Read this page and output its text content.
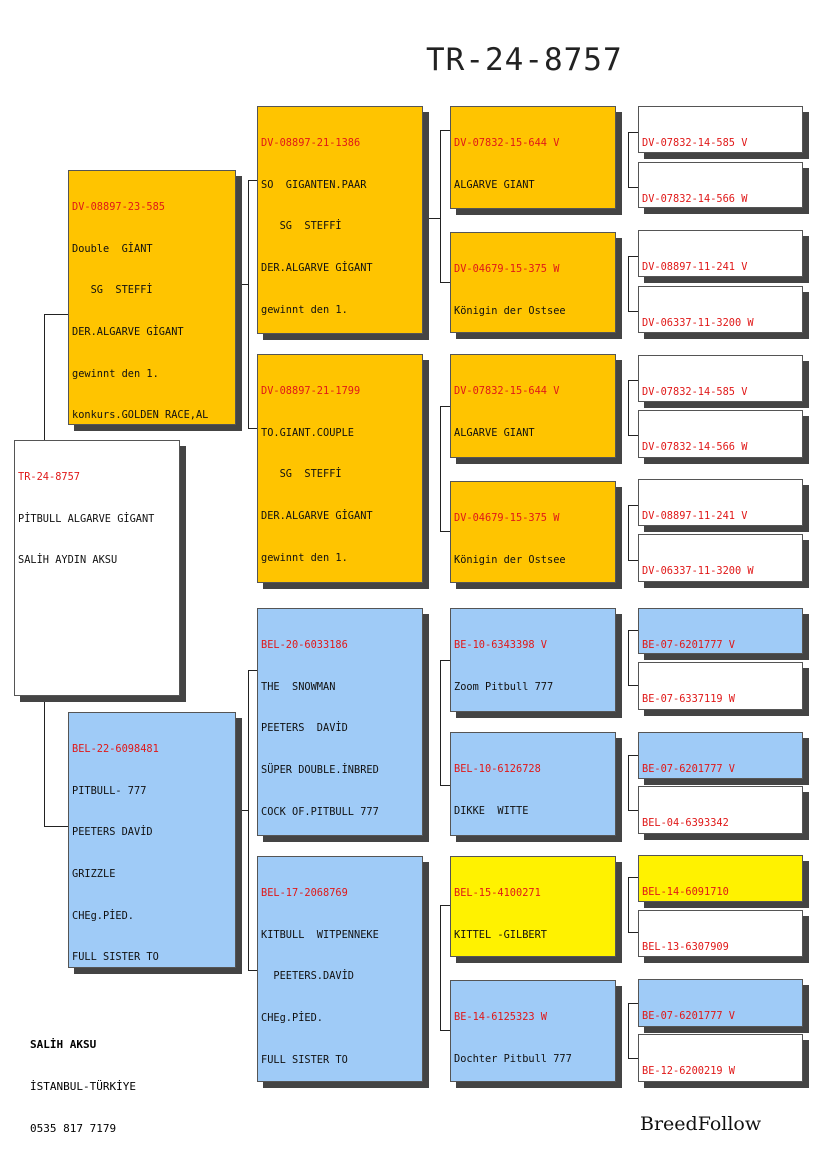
TR-24-8757

TR-24-8757

PİTBULL ALGARVE GİGANT

SALİH AYDIN AKSU

DV-08897-23-585

Double  GİANT

SG  STEFFİ

DER.ALGARVE GİGANT

gewinnt den 1.

konkurs.GOLDEN RACE,AL

BEL-22-6098481

PITBULL- 777

PEETERS DAVİD

GRIZZLE

CHEg.PİED.

FULL SISTER TO

DV-08897-21-1386

SO  GIGANTEN.PAAR

SG  STEFFİ

DER.ALGARVE GİGANT

gewinnt den 1.

DV-08897-21-1799

TO.GIANT.COUPLE

SG  STEFFİ

DER.ALGARVE GİGANT

gewinnt den 1.

BEL-20-6033186

THE  SNOWMAN

PEETERS  DAVİD

SÜPER DOUBLE.İNBRED

COCK OF.PITBULL 777

BEL-17-2068769

KITBULL  WITPENNEKE

PEETERS.DAVİD

CHEg.PİED.

FULL SISTER TO

DV-07832-15-644 V

ALGARVE GIANT

DV-04679-15-375 W

Königin der Ostsee

DV-07832-15-644 V

ALGARVE GIANT

DV-04679-15-375 W

Königin der Ostsee

BE-10-6343398 V

Zoom Pitbull 777

BEL-10-6126728

DIKKE  WITTE

BEL-15-4100271

KITTEL -GILBERT

BE-14-6125323 W

Dochter Pitbull 777

DV-07832-14-585 V

DV-07832-14-566 W

DV-08897-11-241 V

DV-06337-11-3200 W

DV-07832-14-585 V

DV-07832-14-566 W

DV-08897-11-241 V

DV-06337-11-3200 W

BE-07-6201777 V

BE-07-6337119 W

BE-07-6201777 V

BEL-04-6393342

BEL-14-6091710

BEL-13-6307909

BE-07-6201777 V

BE-12-6200219 W

SALİH AKSU

İSTANBUL-TÜRKİYE

0535 817 7179	BreedFollow
